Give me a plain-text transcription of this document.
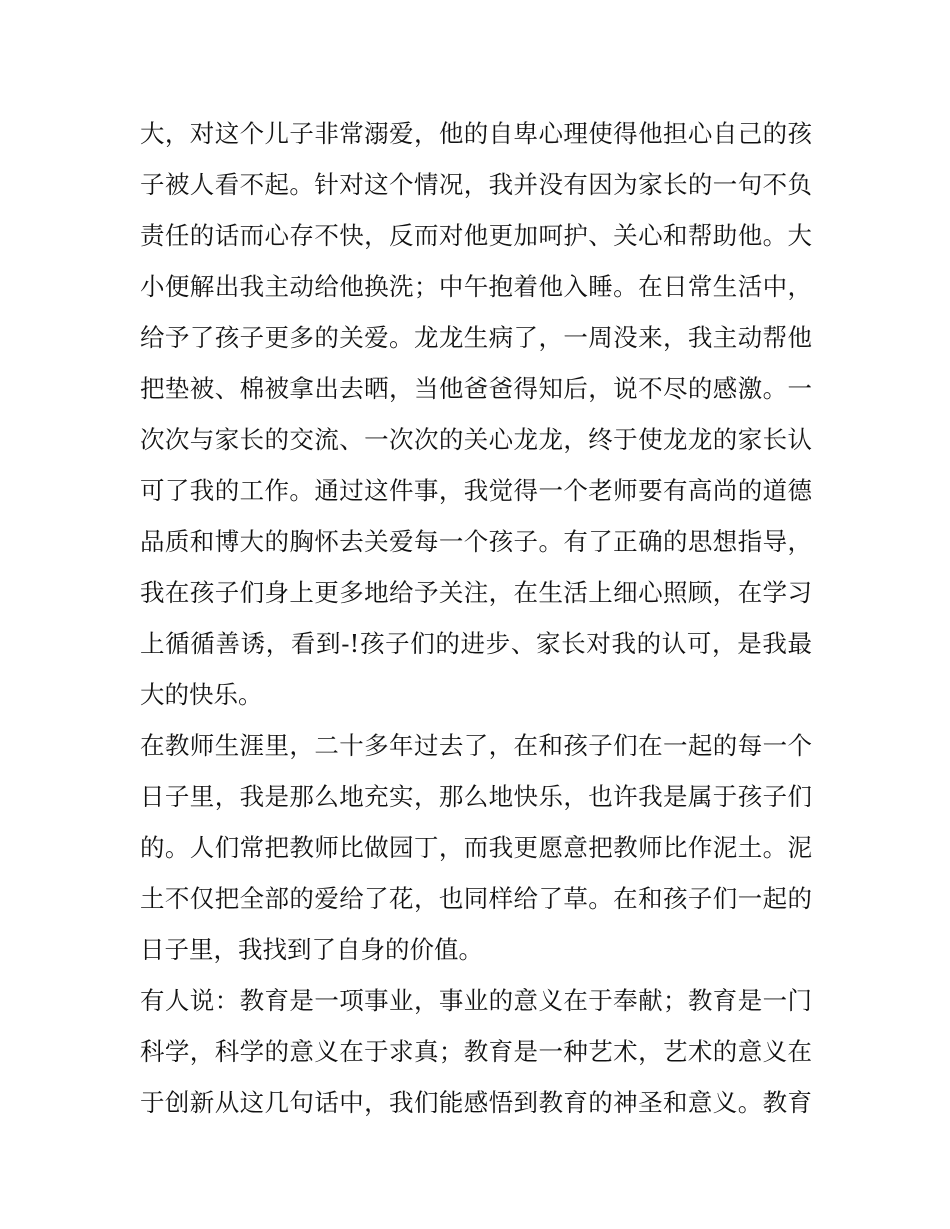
大，对这个儿子非常溺爱，他的自卑心理使得他担心自己的孩
子被人看不起。针对这个情况，我并没有因为家长的一句不负
责任的话而心存不快，反而对他更加呵护、关心和帮助他。大
小便解出我主动给他换洗；中午抱着他入睡。在日常生活中，
给予了孩子更多的关爱。龙龙生病了，一周没来，我主动帮他
把垫被、棉被拿出去晒，当他爸爸得知后，说不尽的感激。一
次次与家长的交流、一次次的关心龙龙，终于使龙龙的家长认
可了我的工作。通过这件事，我觉得一个老师要有高尚的道德
品质和博大的胸怀去关爱每一个孩子。有了正确的思想指导，
我在孩子们身上更多地给予关注，在生活上细心照顾，在学习
上循循善诱，看到-!孩子们的进步、家长对我的认可，是我最
大的快乐。
在教师生涯里，二十多年过去了，在和孩子们在一起的每一个
日子里，我是那么地充实，那么地快乐，也许我是属于孩子们
的。人们常把教师比做园丁，而我更愿意把教师比作泥土。泥
土不仅把全部的爱给了花，也同样给了草。在和孩子们一起的
日子里，我找到了自身的价值。
有人说：教育是一项事业，事业的意义在于奉献；教育是一门
科学，科学的意义在于求真；教育是一种艺术，艺术的意义在
于创新从这几句话中，我们能感悟到教育的神圣和意义。教育
